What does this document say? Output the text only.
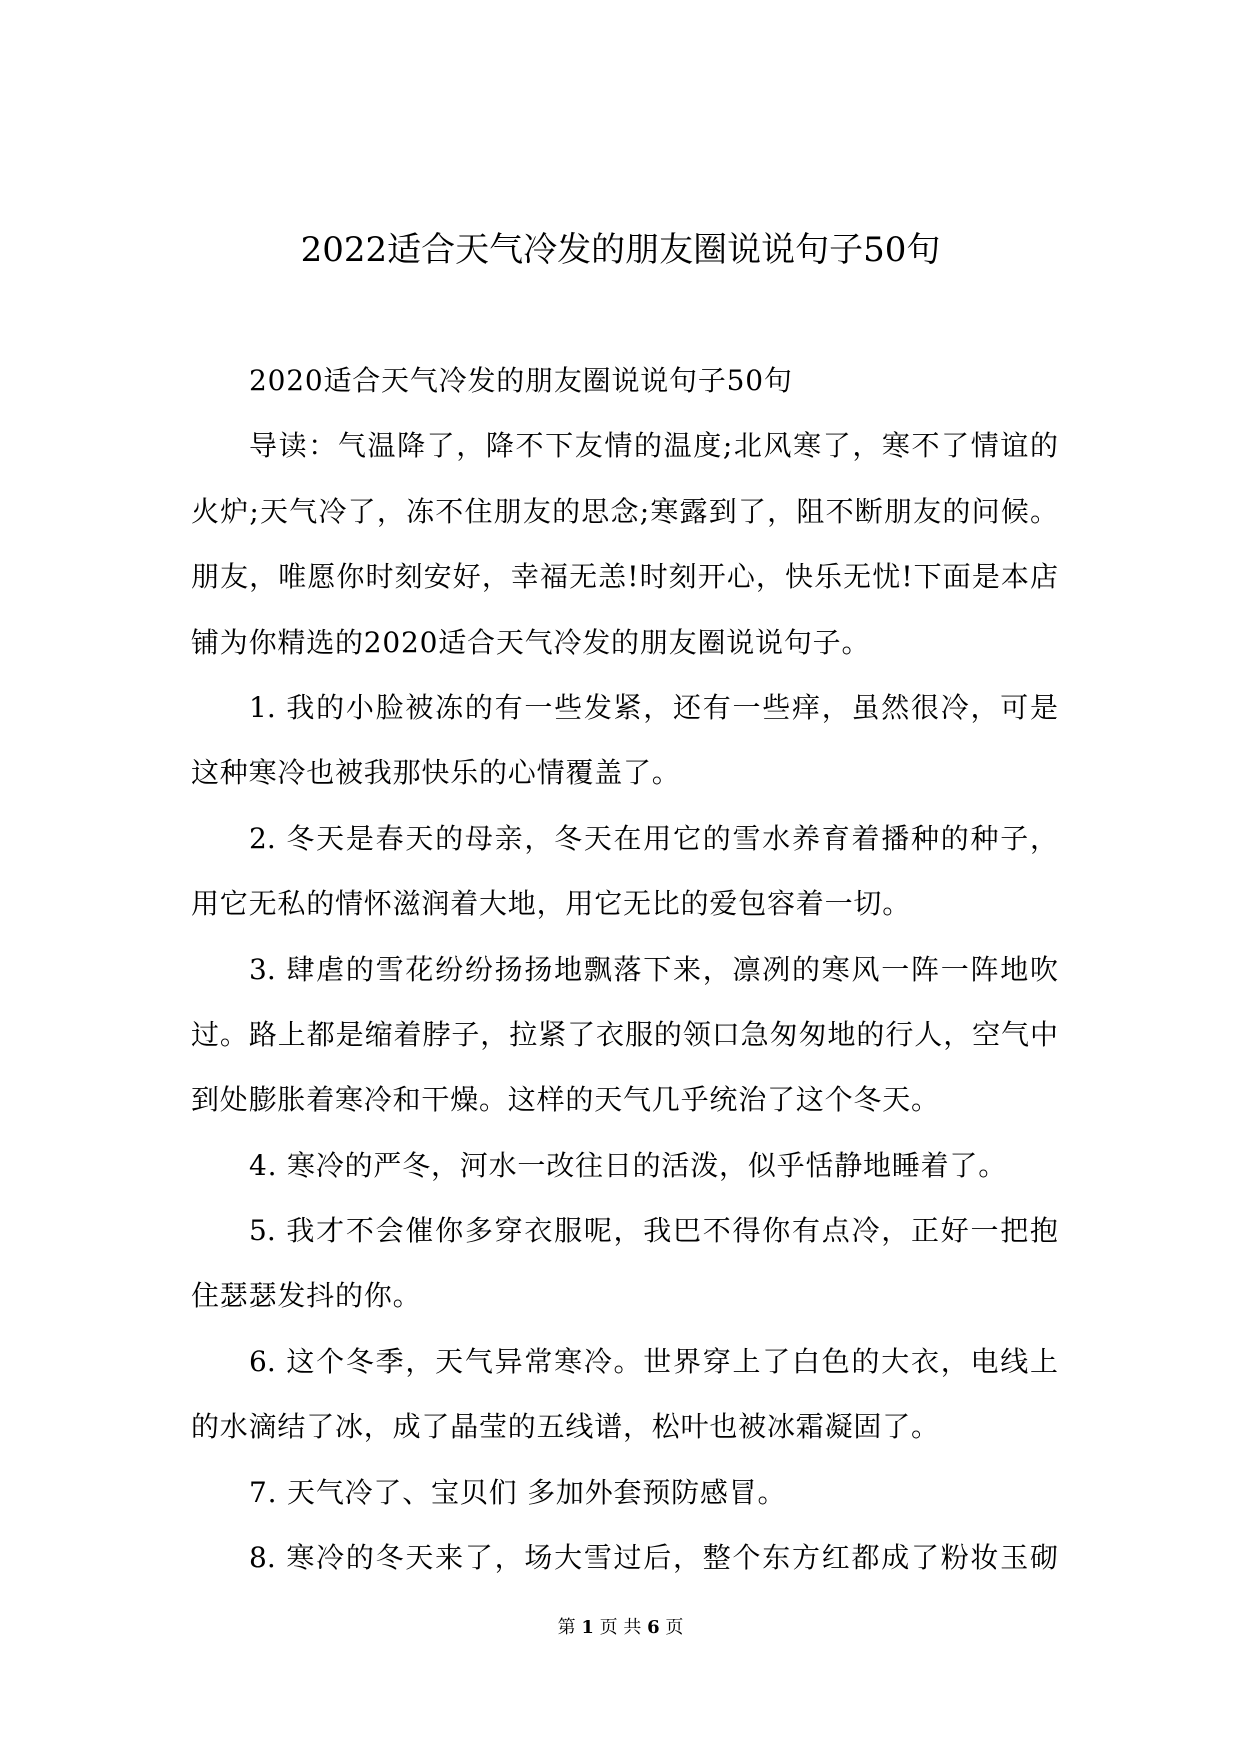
2022适合天气冷发的朋友圈说说句子50句
2020适合天气冷发的朋友圈说说句子50句
导读：气温降了，降不下友情的温度;北风寒了，寒不了情谊的
火炉;天气冷了，冻不住朋友的思念;寒露到了，阻不断朋友的问候。
朋友，唯愿你时刻安好，幸福无恙!时刻开心，快乐无忧!下面是本店
铺为你精选的2020适合天气冷发的朋友圈说说句子。
1. 我的小脸被冻的有一些发紧，还有一些痒，虽然很冷，可是
这种寒冷也被我那快乐的心情覆盖了。
2. 冬天是春天的母亲，冬天在用它的雪水养育着播种的种子，
用它无私的情怀滋润着大地，用它无比的爱包容着一切。
3. 肆虐的雪花纷纷扬扬地飘落下来，凛冽的寒风一阵一阵地吹
过。路上都是缩着脖子，拉紧了衣服的领口急匆匆地的行人，空气中
到处膨胀着寒冷和干燥。这样的天气几乎统治了这个冬天。
4. 寒冷的严冬，河水一改往日的活泼，似乎恬静地睡着了。
5. 我才不会催你多穿衣服呢，我巴不得你有点冷，正好一把抱
住瑟瑟发抖的你。
6. 这个冬季，天气异常寒冷。世界穿上了白色的大衣，电线上
的水滴结了冰，成了晶莹的五线谱，松叶也被冰霜凝固了。
7. 天气冷了、宝贝们 多加外套预防感冒。
8. 寒冷的冬天来了，场大雪过后，整个东方红都成了粉妆玉砌
第 1 页 共 6 页
